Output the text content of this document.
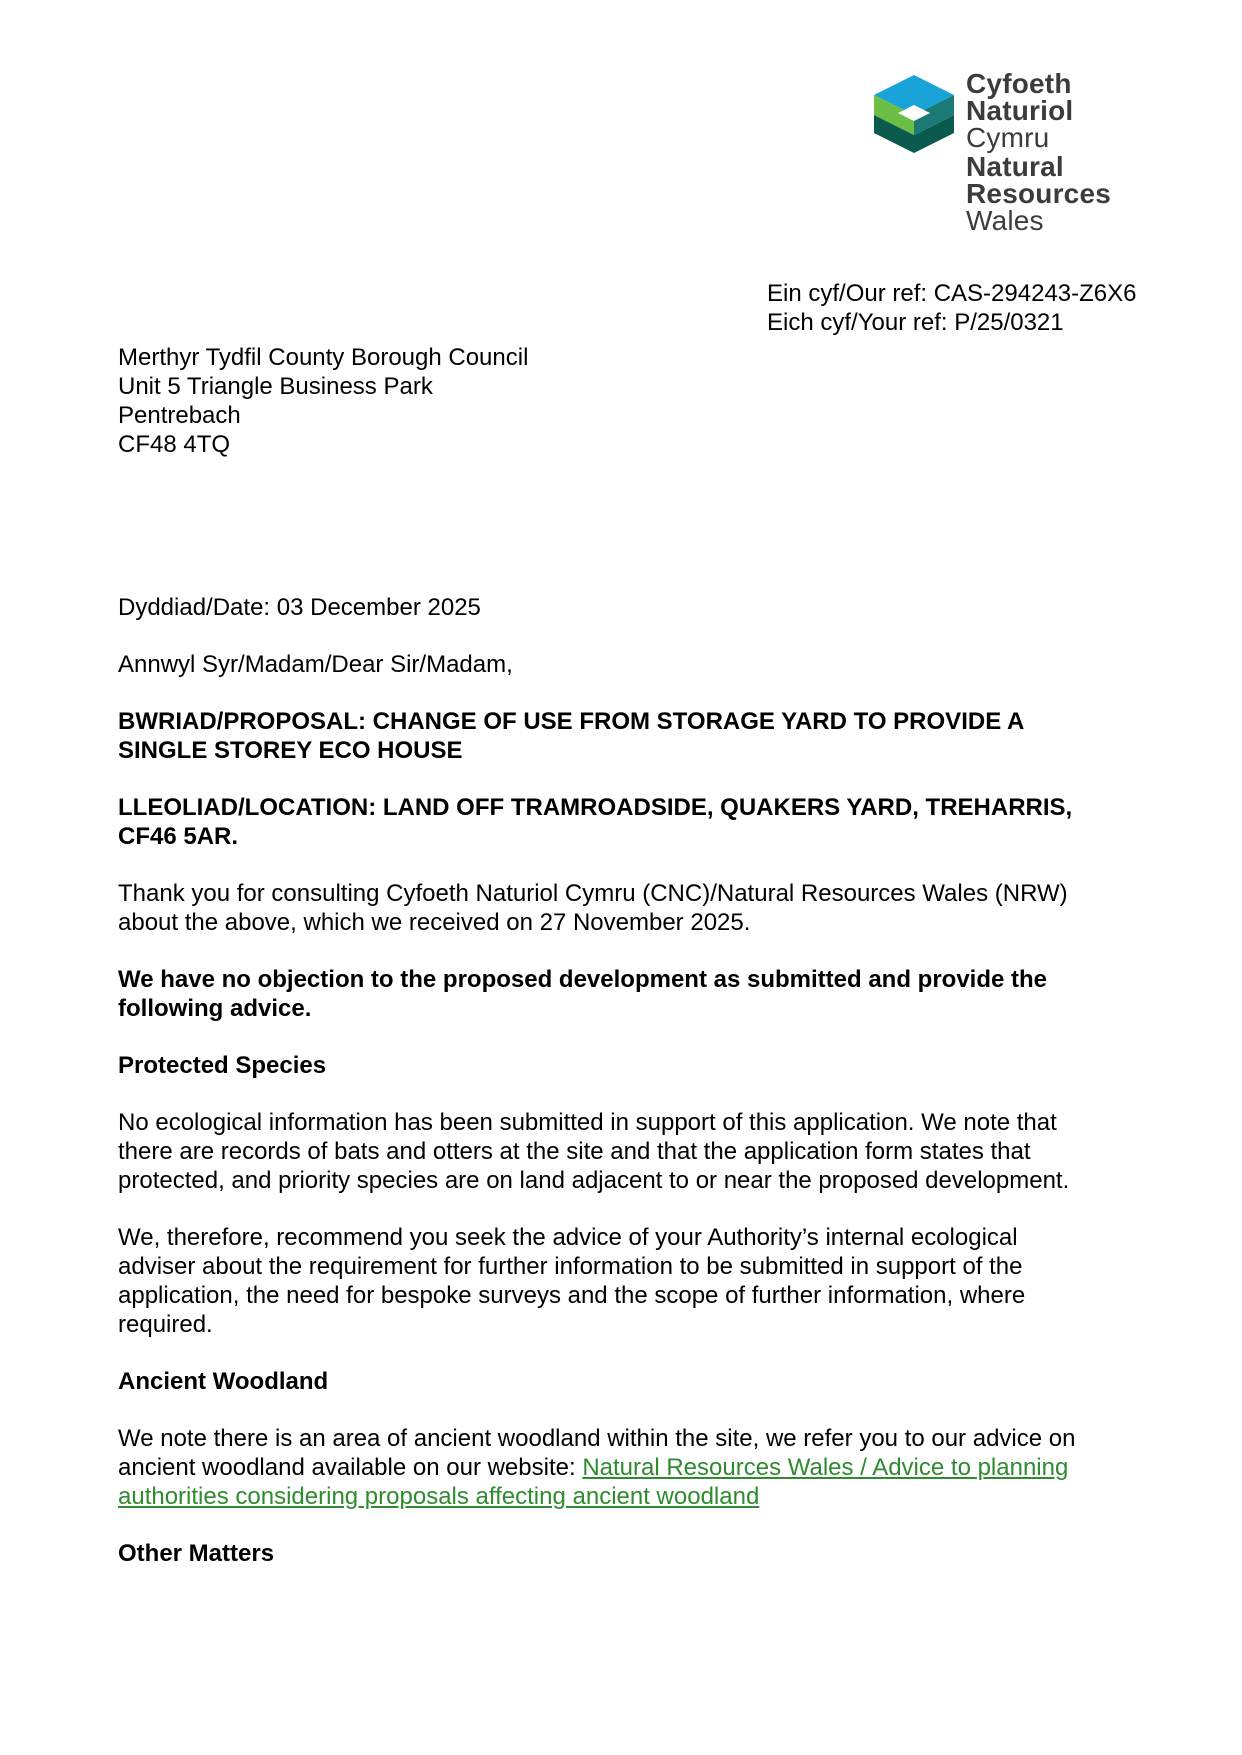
Cyfoeth
Naturiol
Cymru
Natural
Resources
Wales
Ein cyf/Our ref: CAS-294243-Z6X6
Eich cyf/Your ref: P/25/0321
Merthyr Tydfil County Borough Council
Unit 5 Triangle Business Park
Pentrebach
CF48 4TQ
Dyddiad/Date: 03 December 2025
Annwyl Syr/Madam/Dear Sir/Madam,
BWRIAD/PROPOSAL: CHANGE OF USE FROM STORAGE YARD TO PROVIDE A
SINGLE STOREY ECO HOUSE
LLEOLIAD/LOCATION: LAND OFF TRAMROADSIDE, QUAKERS YARD, TREHARRIS,
CF46 5AR.
Thank you for consulting Cyfoeth Naturiol Cymru (CNC)/Natural Resources Wales (NRW)
about the above, which we received on 27 November 2025.
We have no objection to the proposed development as submitted and provide the
following advice.
Protected Species
No ecological information has been submitted in support of this application. We note that
there are records of bats and otters at the site and that the application form states that
protected, and priority species are on land adjacent to or near the proposed development.
We, therefore, recommend you seek the advice of your Authority’s internal ecological
adviser about the requirement for further information to be submitted in support of the
application, the need for bespoke surveys and the scope of further information, where
required.
Ancient Woodland
We note there is an area of ancient woodland within the site, we refer you to our advice on
ancient woodland available on our website: Natural Resources Wales / Advice to planning
authorities considering proposals affecting ancient woodland
Other Matters
